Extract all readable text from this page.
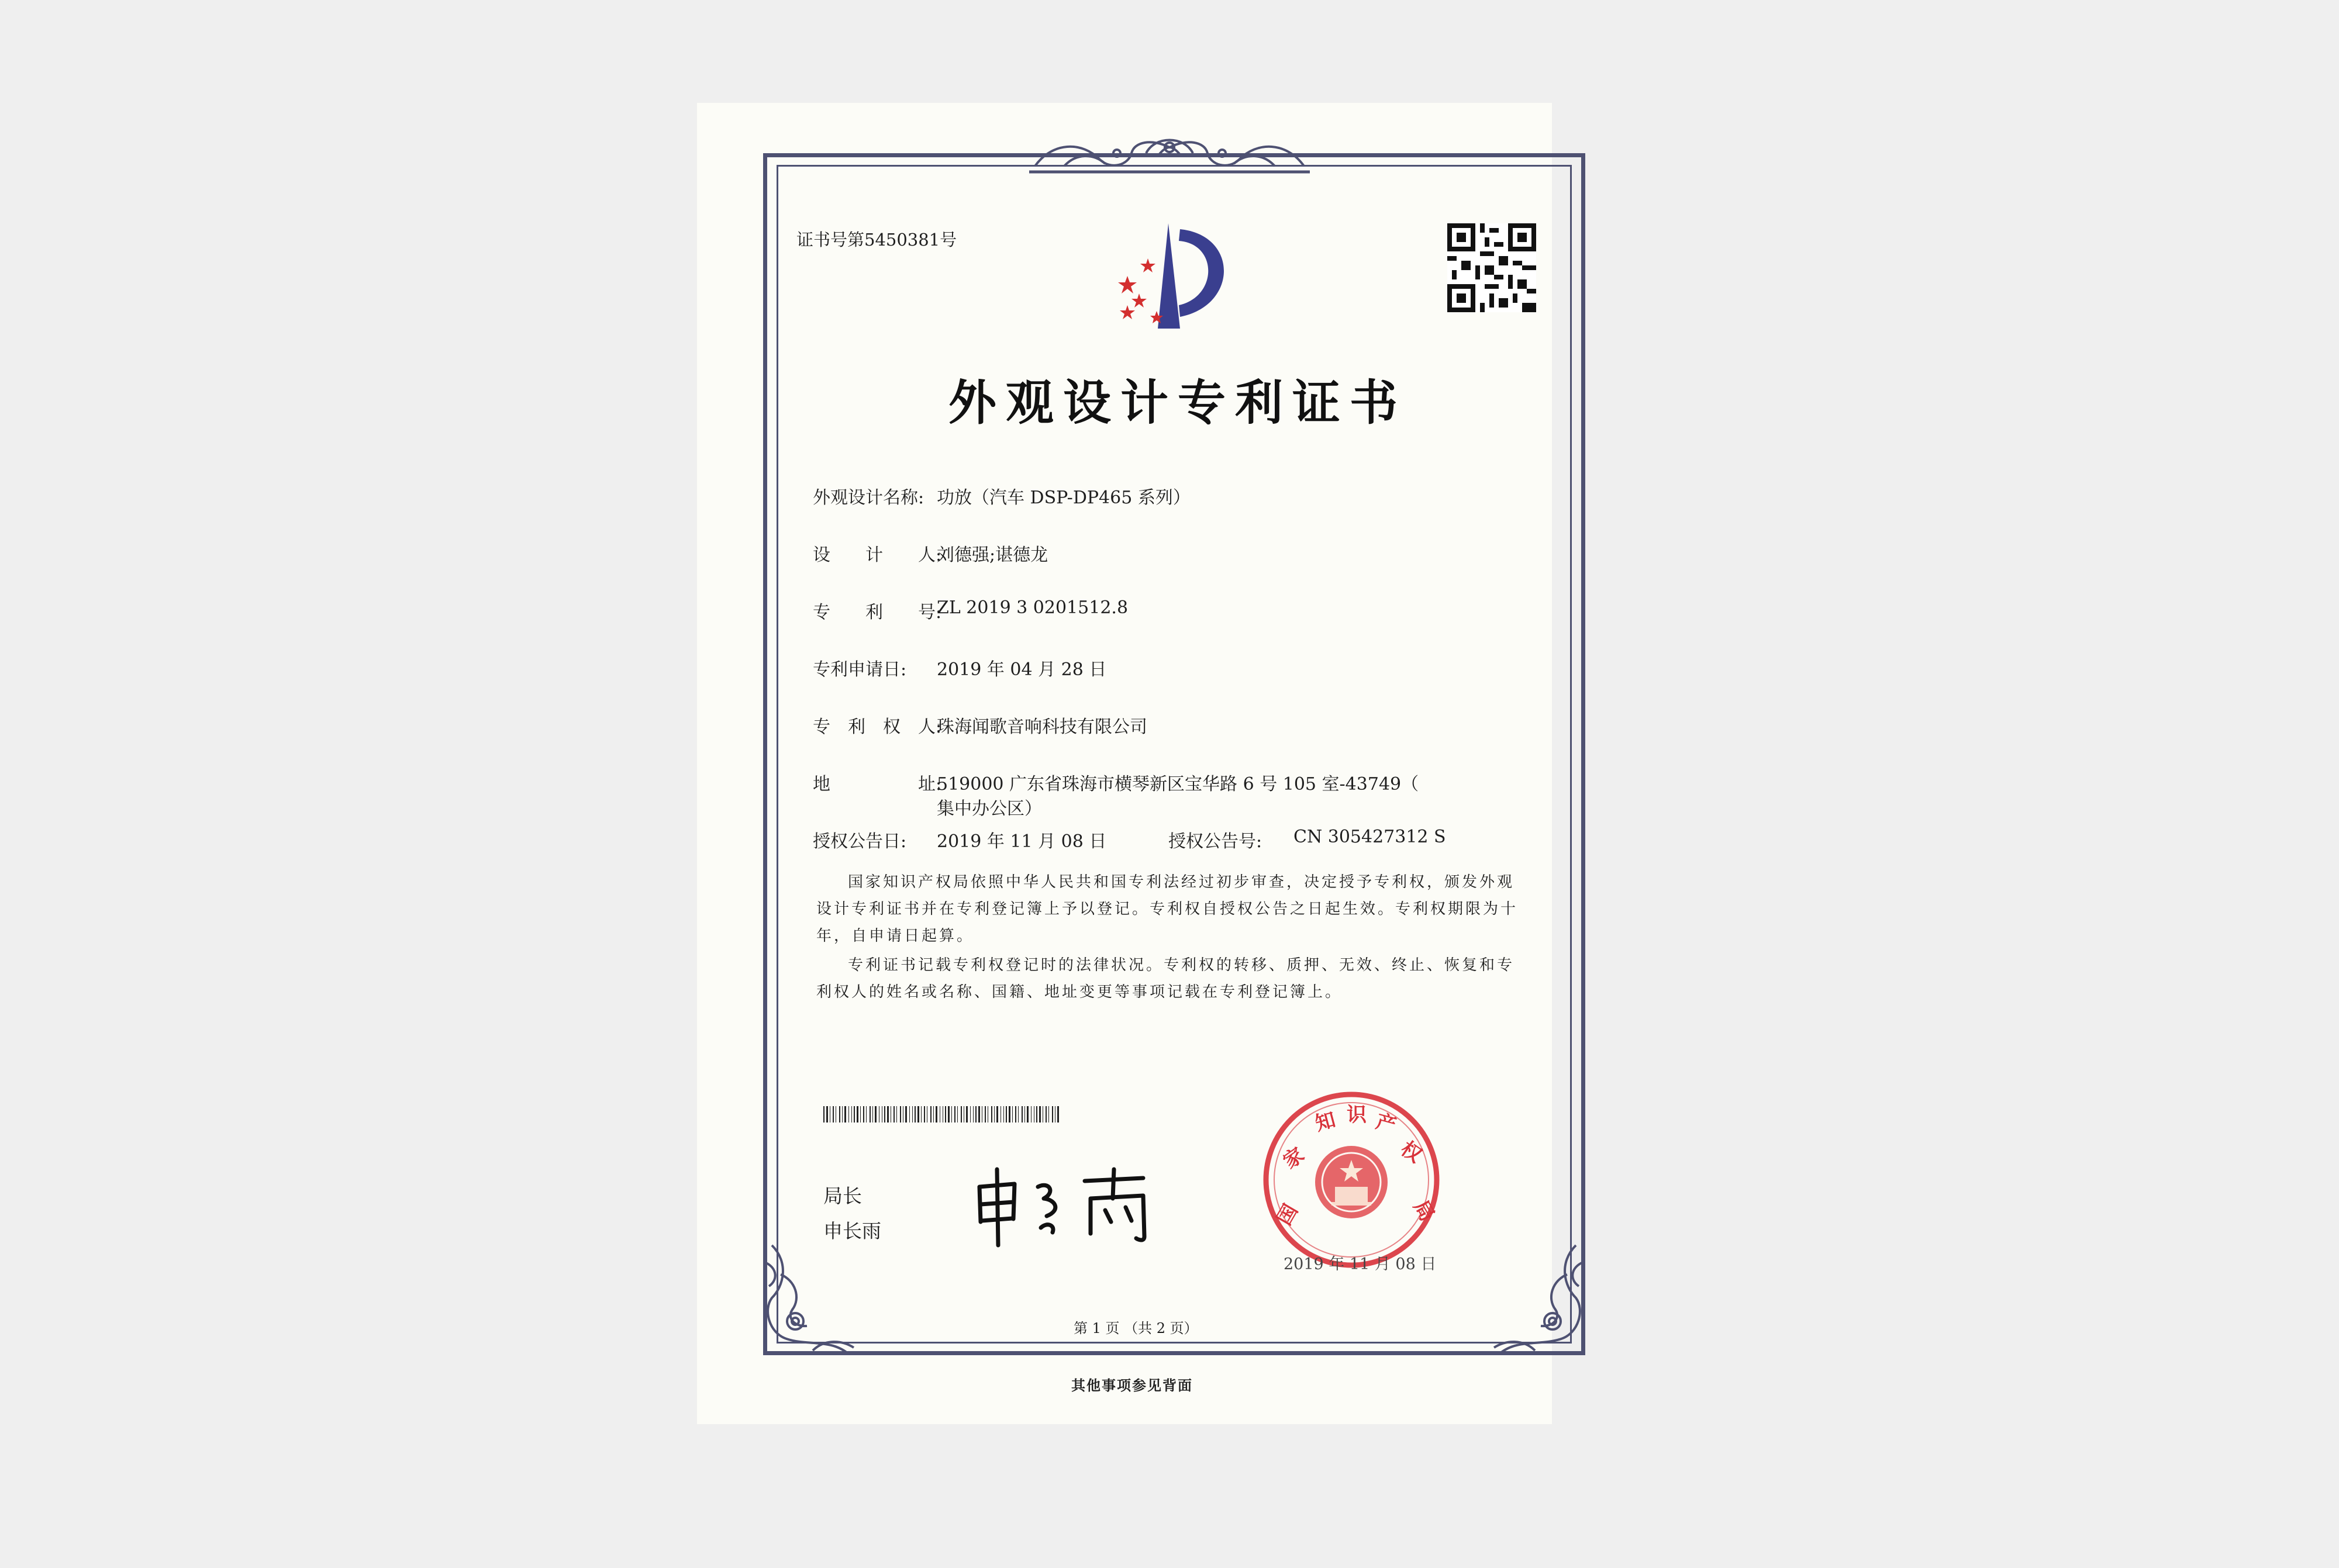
证书号第5450381号
外观设计专利证书
外观设计名称: 功放（汽车 DSP-DP465 系列）
设　　计　　人:
刘德强;谌德龙
专　　利　　号:
ZL 2019 3 0201512.8
专利申请日: 2019 年 04 月 28 日
专　利　权　人:
珠海闻歌音响科技有限公司
地　　　　　址:
519000 广东省珠海市横琴新区宝华路 6 号 105 室-43749（
集中办公区）
授权公告日: 2019 年 11 月 08 日	授权公告号: CN 305427312 S
国家知识产权局依照中华人民共和国专利法经过初步审查，决定授予专利权，颁发外观
设计专利证书并在专利登记簿上予以登记。专利权自授权公告之日起生效。专利权期限为十
年，自申请日起算。
专利证书记载专利权登记时的法律状况。专利权的转移、质押、无效、终止、恢复和专
利权人的姓名或名称、国籍、地址变更等事项记载在专利登记簿上。
局长
申长雨
国
家
知 识 产
权
局
2019 年 11 月 08 日
第 1 页 （共 2 页）
其他事项参见背面
